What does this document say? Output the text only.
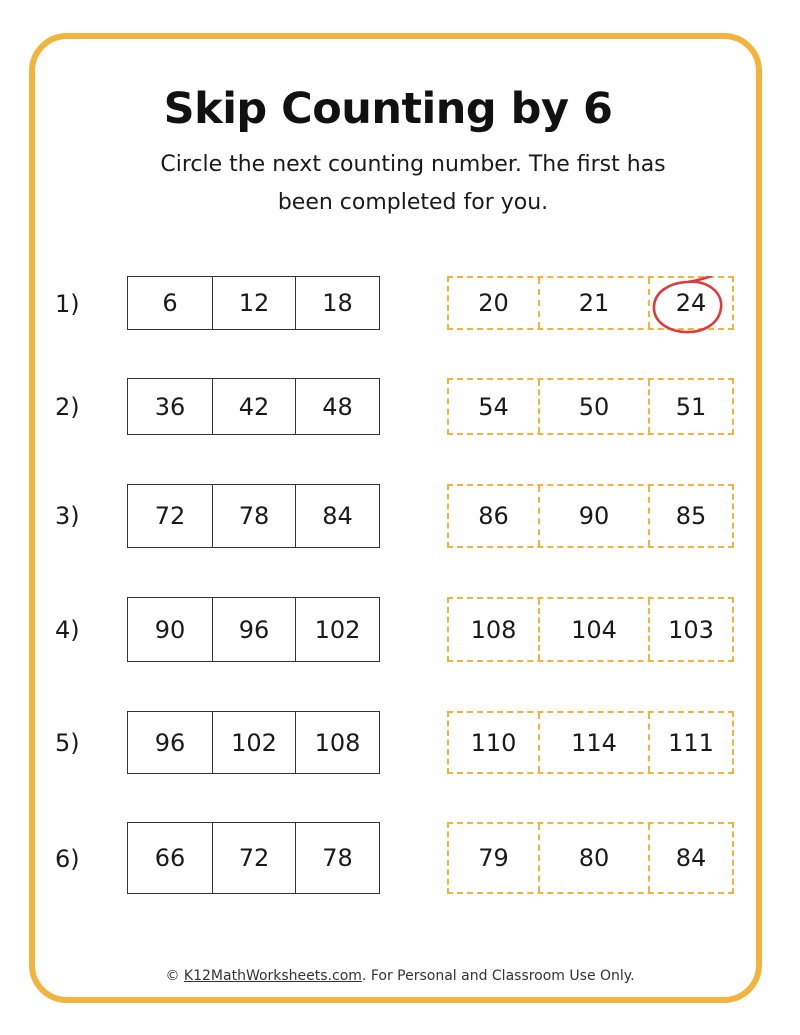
Skip Counting by 6
Circle the next counting number. The first has been completed for you.
1)	6	12	18	20	21	24
2)	36	42	48	54	50	51
3)	72	78	84	86	90	85
4)	90	96	102	108	104	103
5)	96	102	108	110	114	111
6)	66	72	78	79	80	84
© K12MathWorksheets.com. For Personal and Classroom Use Only.
